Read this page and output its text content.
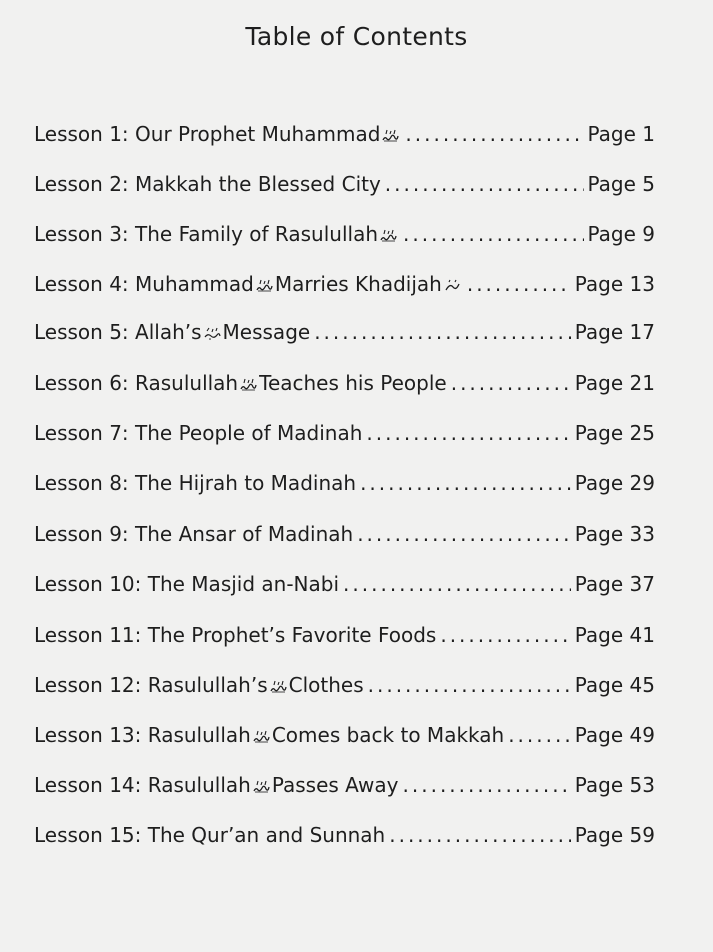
Table of Contents
Lesson 1: Our Prophet Muhammad .....	Page 1
Lesson 2: Makkah the Blessed City .....	Page 5
Lesson 3: The Family of Rasulullah .....	Page 9
Lesson 4: Muhammad Marries Khadijah .....	Page 13
Lesson 5: Allah’s Message .....	Page 17
Lesson 6: Rasulullah Teaches his People .....	Page 21
Lesson 7: The People of Madinah .....	Page 25
Lesson 8: The Hijrah to Madinah .....	Page 29
Lesson 9: The Ansar of Madinah .....	Page 33
Lesson 10: The Masjid an-Nabi .....	Page 37
Lesson 11: The Prophet’s Favorite Foods .....	Page 41
Lesson 12: Rasulullah’s Clothes .....	Page 45
Lesson 13: Rasulullah Comes back to Makkah .....	Page 49
Lesson 14: Rasulullah Passes Away .....	Page 53
Lesson 15: The Qur’an and Sunnah .....	Page 59
